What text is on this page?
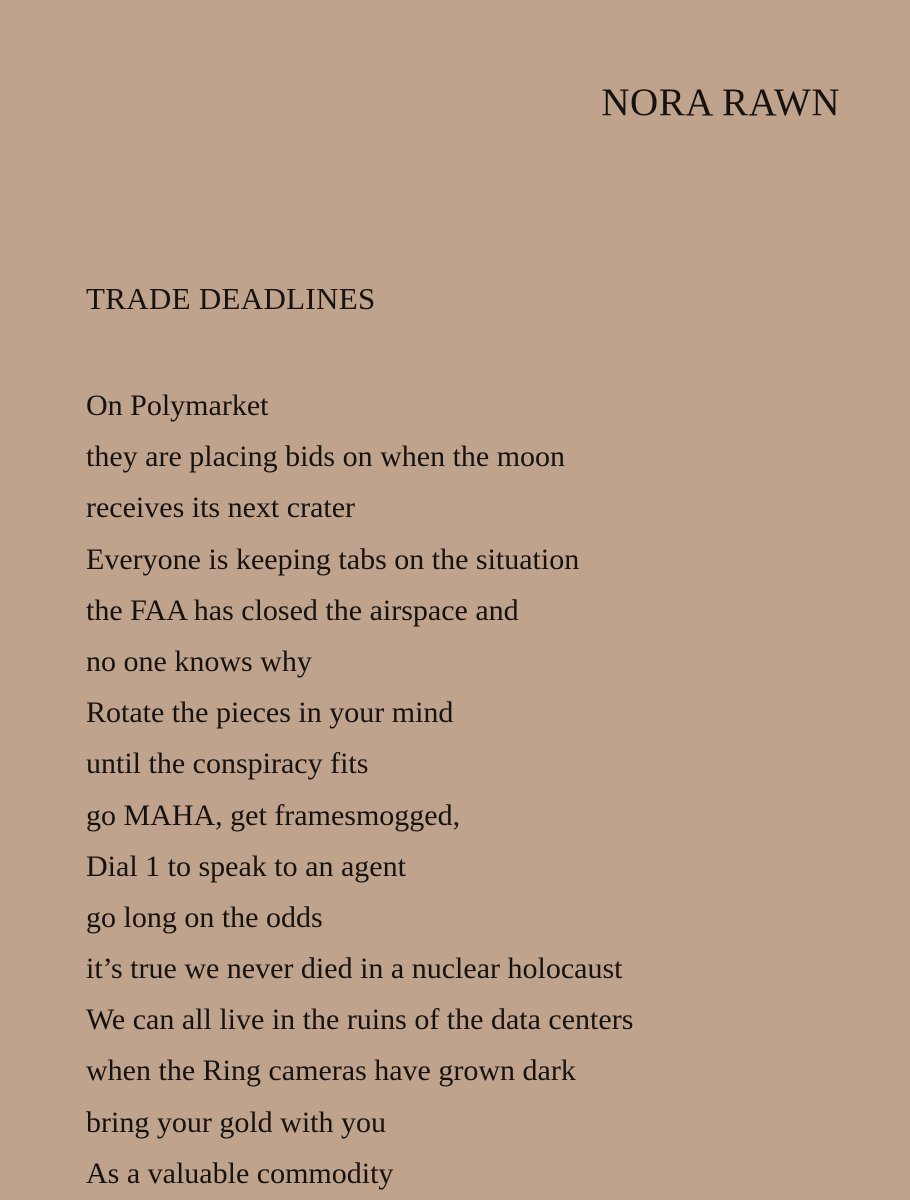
NORA RAWN
TRADE DEADLINES
On Polymarket
they are placing bids on when the moon
receives its next crater
Everyone is keeping tabs on the situation
the FAA has closed the airspace and
no one knows why
Rotate the pieces in your mind
until the conspiracy fits
go MAHA, get framesmogged,
Dial 1 to speak to an agent
go long on the odds
it’s true we never died in a nuclear holocaust
We can all live in the ruins of the data centers
when the Ring cameras have grown dark
bring your gold with you
As a valuable commodity
